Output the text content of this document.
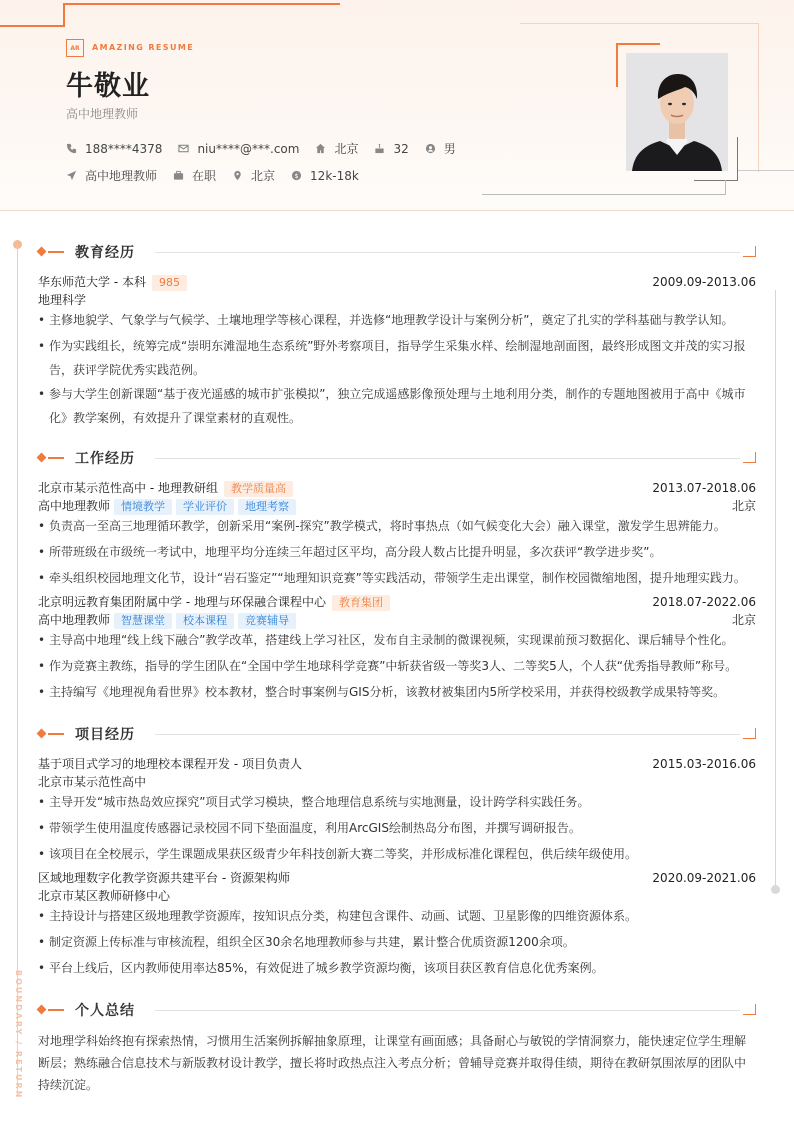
AR	AMAZING RESUME
牛敬业
高中地理教师
188****4378	niu****@***.com	北京	32	男
高中地理教师	在职	北京	$ 12k-18k
BOUNDARY / RETURN
教育经历
华东师范大学 - 本科 985	2009.09-2013.06
地理科学
• 主修地貌学、气象学与气候学、土壤地理学等核心课程，并选修“地理教学设计与案例分析”，奠定了扎实的学科基础与教学认知。
• 作为实践组长，统筹完成“崇明东滩湿地生态系统”野外考察项目，指导学生采集水样、绘制湿地剖面图，最终形成图文并茂的实习报告，获评学院优秀实践范例。
• 参与大学生创新课题“基于夜光遥感的城市扩张模拟”，独立完成遥感影像预处理与土地利用分类，制作的专题地图被用于高中《城市化》教学案例，有效提升了课堂素材的直观性。
工作经历
北京市某示范性高中 - 地理教研组 教学质量高	2013.07-2018.06
高中地理教师 情境教学 学业评价 地理考察	北京
• 负责高一至高三地理循环教学，创新采用“案例-探究”教学模式，将时事热点（如气候变化大会）融入课堂，激发学生思辨能力。
• 所带班级在市级统一考试中，地理平均分连续三年超过区平均，高分段人数占比提升明显，多次获评“教学进步奖”。
• 牵头组织校园地理文化节，设计“岩石鉴定”“地理知识竞赛”等实践活动，带领学生走出课堂，制作校园微缩地图，提升地理实践力。
北京明远教育集团附属中学 - 地理与环保融合课程中心 教育集团	2018.07-2022.06
高中地理教师 智慧课堂 校本课程 竞赛辅导	北京
• 主导高中地理“线上线下融合”教学改革，搭建线上学习社区，发布自主录制的微课视频，实现课前预习数据化、课后辅导个性化。
• 作为竞赛主教练，指导的学生团队在“全国中学生地球科学竞赛”中斩获省级一等奖3人、二等奖5人，个人获“优秀指导教师”称号。
• 主持编写《地理视角看世界》校本教材，整合时事案例与GIS分析，该教材被集团内5所学校采用，并获得校级教学成果特等奖。
项目经历
基于项目式学习的地理校本课程开发 - 项目负责人	2015.03-2016.06
北京市某示范性高中
• 主导开发“城市热岛效应探究”项目式学习模块，整合地理信息系统与实地测量，设计跨学科实践任务。
• 带领学生使用温度传感器记录校园不同下垫面温度，利用ArcGIS绘制热岛分布图，并撰写调研报告。
• 该项目在全校展示，学生课题成果获区级青少年科技创新大赛二等奖，并形成标准化课程包，供后续年级使用。
区域地理数字化教学资源共建平台 - 资源架构师	2020.09-2021.06
北京市某区教师研修中心
• 主持设计与搭建区级地理教学资源库，按知识点分类，构建包含课件、动画、试题、卫星影像的四维资源体系。
• 制定资源上传标准与审核流程，组织全区30余名地理教师参与共建，累计整合优质资源1200余项。
• 平台上线后，区内教师使用率达85%，有效促进了城乡教学资源均衡，该项目获区教育信息化优秀案例。
个人总结
对地理学科始终抱有探索热情，习惯用生活案例拆解抽象原理，让课堂有画面感；具备耐心与敏锐的学情洞察力，能快速定位学生理解断层；熟练融合信息技术与新版教材设计教学，擅长将时政热点注入考点分析；曾辅导竞赛并取得佳绩，期待在教研氛围浓厚的团队中持续沉淀。
